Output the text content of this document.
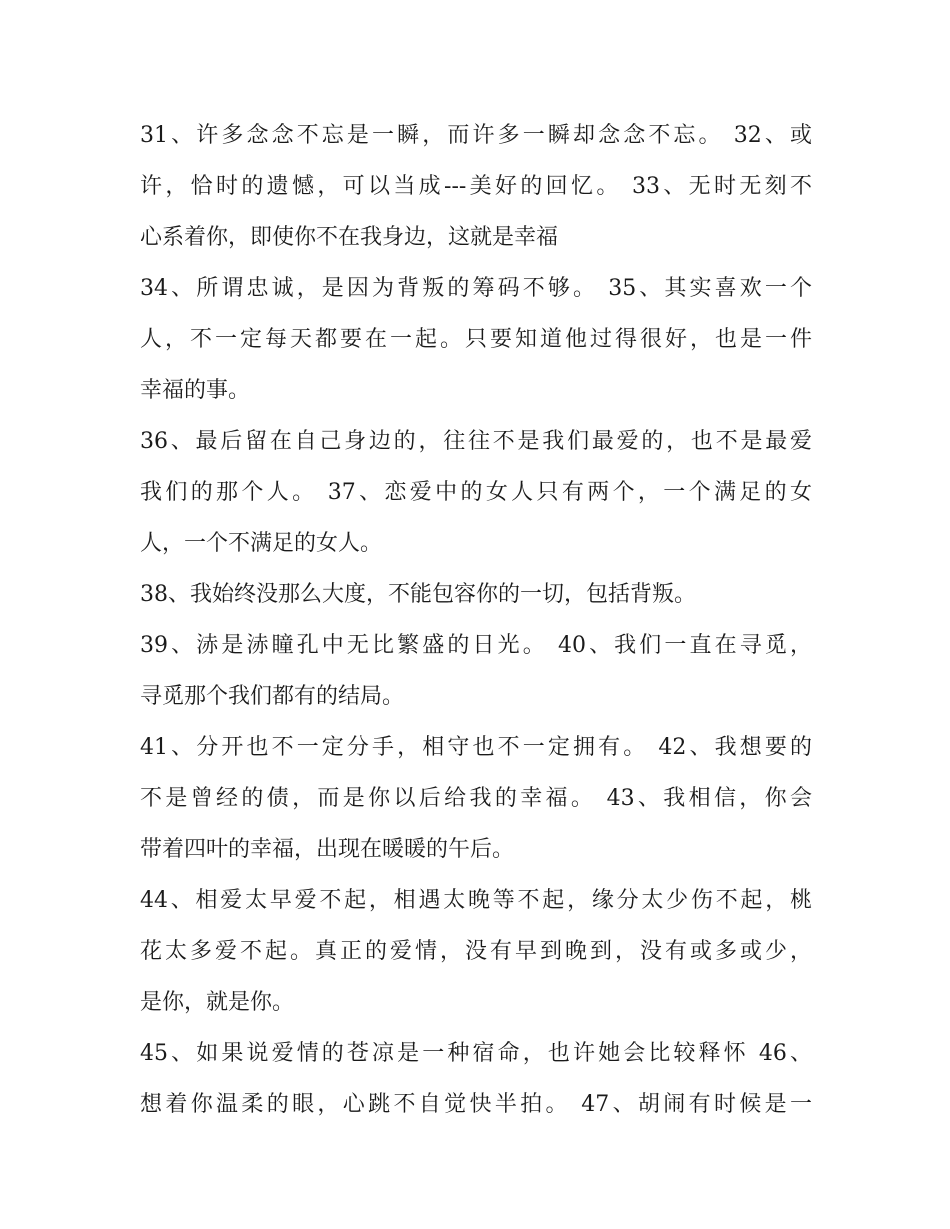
31、许多念念不忘是一瞬，而许多一瞬却念念不忘。 32、或
许，恰时的遗憾，可以当成---美好的回忆。 33、无时无刻不
心系着你，即使你不在我身边，这就是幸福
34、所谓忠诚，是因为背叛的筹码不够。 35、其实喜欢一个
人，不一定每天都要在一起。只要知道他过得很好，也是一件
幸福的事。
36、最后留在自己身边的，往往不是我们最爱的，也不是最爱
我们的那个人。 37、恋爱中的女人只有两个，一个满足的女
人，一个不满足的女人。
38、我始终没那么大度，不能包容你的一切，包括背叛。
39、浾是浾瞳孔中无比繁盛的日光。 40、我们一直在寻觅，
寻觅那个我们都有的结局。
41、分开也不一定分手，相守也不一定拥有。 42、我想要的
不是曾经的债，而是你以后给我的幸福。 43、我相信，你会
带着四叶的幸福，出现在暖暖的午后。
44、相爱太早爱不起，相遇太晚等不起，缘分太少伤不起，桃
花太多爱不起。真正的爱情，没有早到晚到，没有或多或少，
是你，就是你。
45、如果说爱情的苍凉是一种宿命，也许她会比较释怀 46、
想着你温柔的眼，心跳不自觉快半拍。 47、胡闹有时候是一
